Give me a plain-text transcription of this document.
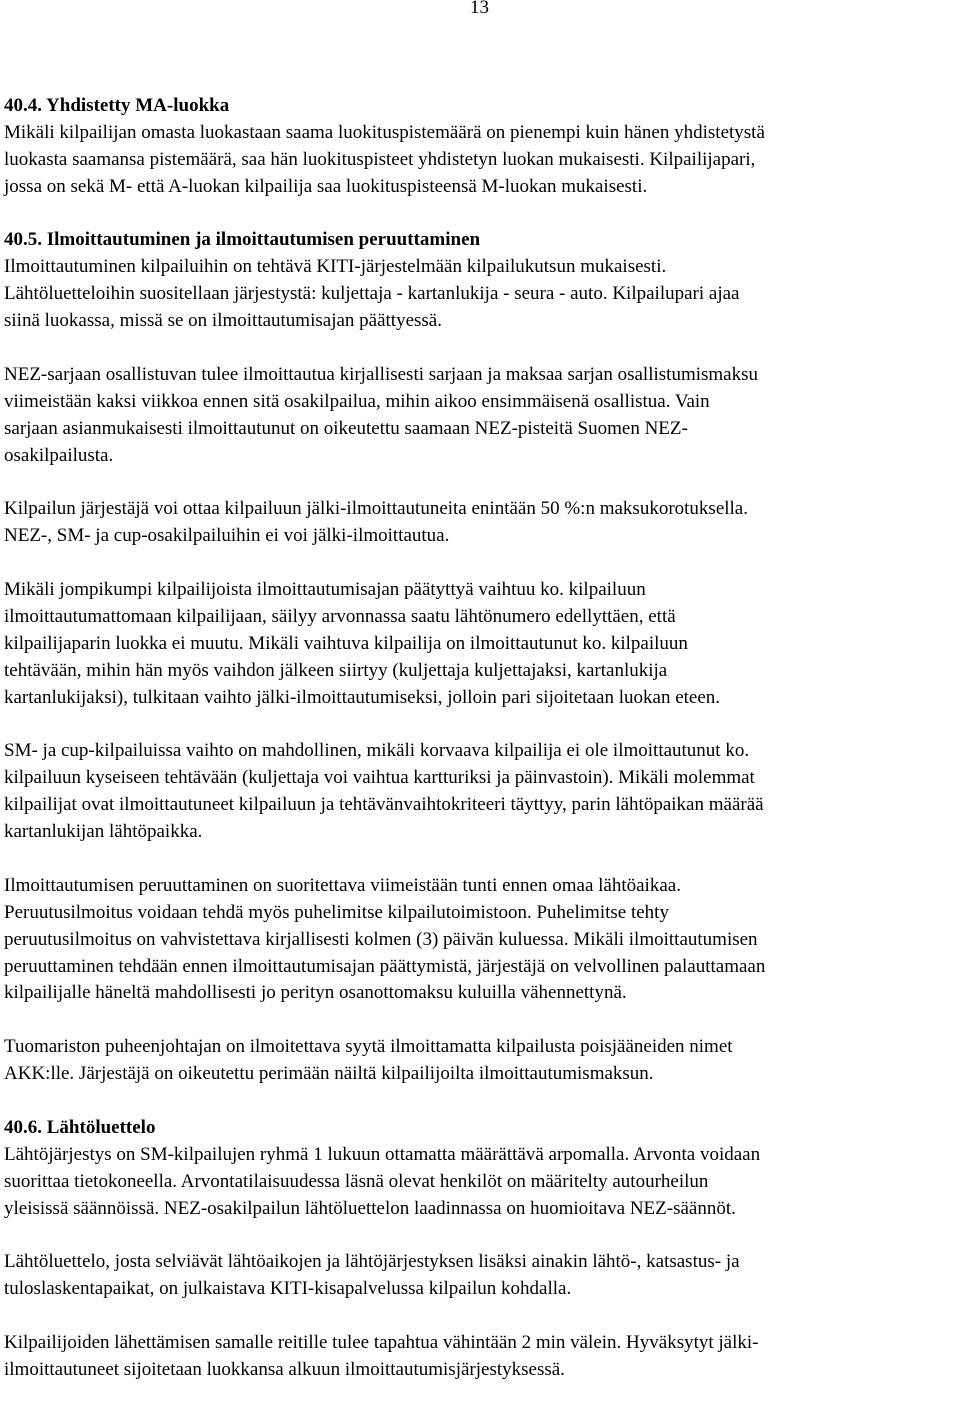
13
40.4. Yhdistetty MA-luokka
Mikäli kilpailijan omasta luokastaan saama luokituspistemäärä on pienempi kuin hänen yhdistetystä
luokasta saamansa pistemäärä, saa hän luokituspisteet yhdistetyn luokan mukaisesti. Kilpailijapari,
jossa on sekä M- että A-luokan kilpailija saa luokituspisteensä M-luokan mukaisesti.
40.5. Ilmoittautuminen ja ilmoittautumisen peruuttaminen
Ilmoittautuminen kilpailuihin on tehtävä KITI-järjestelmään kilpailukutsun mukaisesti.
Lähtöluetteloihin suositellaan järjestystä: kuljettaja - kartanlukija - seura - auto. Kilpailupari ajaa
siinä luokassa, missä se on ilmoittautumisajan päättyessä.
NEZ-sarjaan osallistuvan tulee ilmoittautua kirjallisesti sarjaan ja maksaa sarjan osallistumismaksu
viimeistään kaksi viikkoa ennen sitä osakilpailua, mihin aikoo ensimmäisenä osallistua. Vain
sarjaan asianmukaisesti ilmoittautunut on oikeutettu saamaan NEZ-pisteitä Suomen NEZ-
osakilpailusta.
Kilpailun järjestäjä voi ottaa kilpailuun jälki-ilmoittautuneita enintään 50 %:n maksukorotuksella.
NEZ-, SM- ja cup-osakilpailuihin ei voi jälki-ilmoittautua.
Mikäli jompikumpi kilpailijoista ilmoittautumisajan päätyttyä vaihtuu ko. kilpailuun
ilmoittautumattomaan kilpailijaan, säilyy arvonnassa saatu lähtönumero edellyttäen, että
kilpailijaparin luokka ei muutu. Mikäli vaihtuva kilpailija on ilmoittautunut ko. kilpailuun
tehtävään, mihin hän myös vaihdon jälkeen siirtyy (kuljettaja kuljettajaksi, kartanlukija
kartanlukijaksi), tulkitaan vaihto jälki-ilmoittautumiseksi, jolloin pari sijoitetaan luokan eteen.
SM- ja cup-kilpailuissa vaihto on mahdollinen, mikäli korvaava kilpailija ei ole ilmoittautunut ko.
kilpailuun kyseiseen tehtävään (kuljettaja voi vaihtua kartturiksi ja päinvastoin). Mikäli molemmat
kilpailijat ovat ilmoittautuneet kilpailuun ja tehtävänvaihtokriteeri täyttyy, parin lähtöpaikan määrää
kartanlukijan lähtöpaikka.
Ilmoittautumisen peruuttaminen on suoritettava viimeistään tunti ennen omaa lähtöaikaa.
Peruutusilmoitus voidaan tehdä myös puhelimitse kilpailutoimistoon. Puhelimitse tehty
peruutusilmoitus on vahvistettava kirjallisesti kolmen (3) päivän kuluessa. Mikäli ilmoittautumisen
peruuttaminen tehdään ennen ilmoittautumisajan päättymistä, järjestäjä on velvollinen palauttamaan
kilpailijalle häneltä mahdollisesti jo perityn osanottomaksu kuluilla vähennettynä.
Tuomariston puheenjohtajan on ilmoitettava syytä ilmoittamatta kilpailusta poisjääneiden nimet
AKK:lle. Järjestäjä on oikeutettu perimään näiltä kilpailijoilta ilmoittautumismaksun.
40.6. Lähtöluettelo
Lähtöjärjestys on SM-kilpailujen ryhmä 1 lukuun ottamatta määrättävä arpomalla. Arvonta voidaan
suorittaa tietokoneella. Arvontatilaisuudessa läsnä olevat henkilöt on määritelty autourheilun
yleisissä säännöissä. NEZ-osakilpailun lähtöluettelon laadinnassa on huomioitava NEZ-säännöt.
Lähtöluettelo, josta selviävät lähtöaikojen ja lähtöjärjestyksen lisäksi ainakin lähtö-, katsastus- ja
tuloslaskentapaikat, on julkaistava KITI-kisapalvelussa kilpailun kohdalla.
Kilpailijoiden lähettämisen samalle reitille tulee tapahtua vähintään 2 min välein. Hyväksytyt jälki-
ilmoittautuneet sijoitetaan luokkansa alkuun ilmoittautumisjärjestyksessä.
